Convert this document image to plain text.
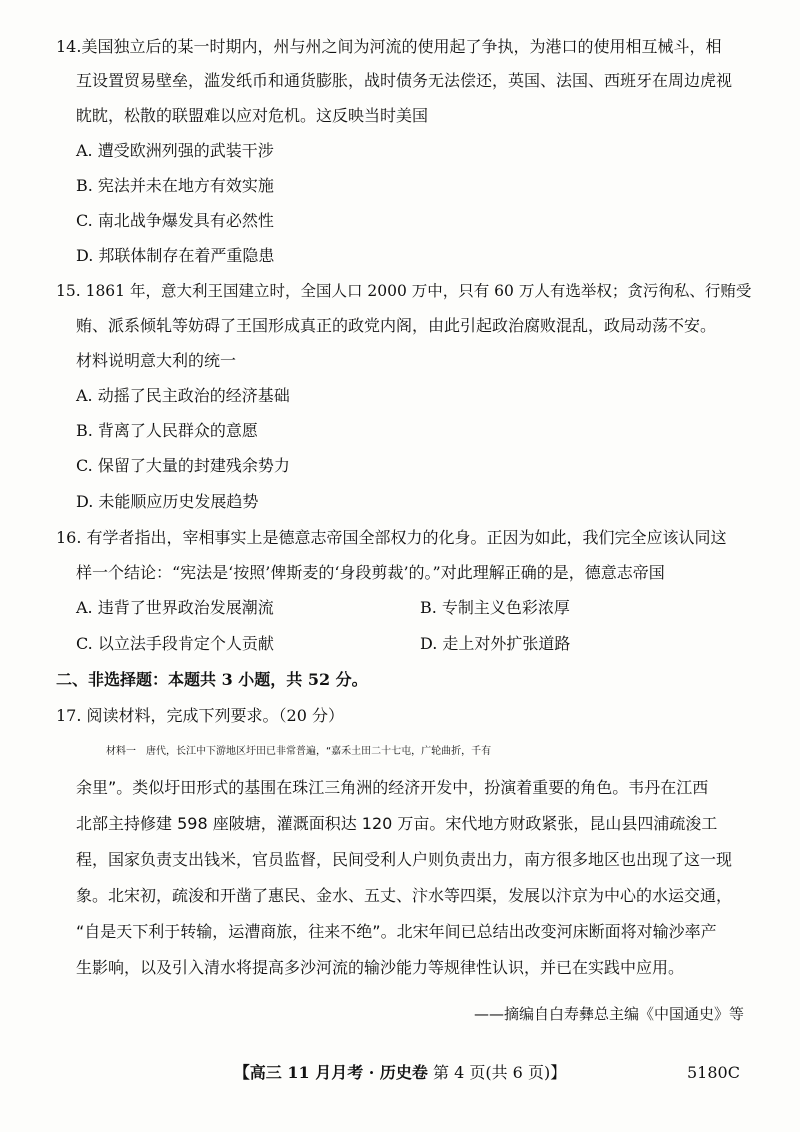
14.美国独立后的某一时期内，州与州之间为河流的使用起了争执，为港口的使用相互械斗，相
互设置贸易壁垒，滥发纸币和通货膨胀，战时债务无法偿还，英国、法国、西班牙在周边虎视
眈眈，松散的联盟难以应对危机。这反映当时美国
A. 遭受欧洲列强的武装干涉
B. 宪法并未在地方有效实施
C. 南北战争爆发具有必然性
D. 邦联体制存在着严重隐患
15. 1861 年，意大利王国建立时，全国人口 2000 万中，只有 60 万人有选举权；贪污徇私、行贿受
贿、派系倾轧等妨碍了王国形成真正的政党内阁，由此引起政治腐败混乱，政局动荡不安。
材料说明意大利的统一
A. 动摇了民主政治的经济基础
B. 背离了人民群众的意愿
C. 保留了大量的封建残余势力
D. 未能顺应历史发展趋势
16. 有学者指出，宰相事实上是德意志帝国全部权力的化身。正因为如此，我们完全应该认同这
样一个结论：“宪法是‘按照’俾斯麦的‘身段剪裁’的。”对此理解正确的是，德意志帝国
A. 违背了世界政治发展潮流	B. 专制主义色彩浓厚
C. 以立法手段肯定个人贡献	D. 走上对外扩张道路
二、非选择题：本题共 3 小题，共 52 分。
17. 阅读材料，完成下列要求。（20 分）
材料一　唐代，长江中下游地区圩田已非常普遍，“嘉禾土田二十七屯，广轮曲折，千有
余里”。类似圩田形式的基围在珠江三角洲的经济开发中，扮演着重要的角色。韦丹在江西
北部主持修建 598 座陂塘，灌溉面积达 120 万亩。宋代地方财政紧张，昆山县四浦疏浚工
程，国家负责支出钱米，官员监督，民间受利人户则负责出力，南方很多地区也出现了这一现
象。北宋初，疏浚和开凿了惠民、金水、五丈、汴水等四渠，发展以汴京为中心的水运交通，
“自是天下利于转输，运漕商旅，往来不绝”。北宋年间已总结出改变河床断面将对输沙率产
生影响，以及引入清水将提高多沙河流的输沙能力等规律性认识，并已在实践中应用。
——摘编自白寿彝总主编《中国通史》等
【高三 11 月月考 · 历史卷 第 4 页(共 6 页)】	5180C
